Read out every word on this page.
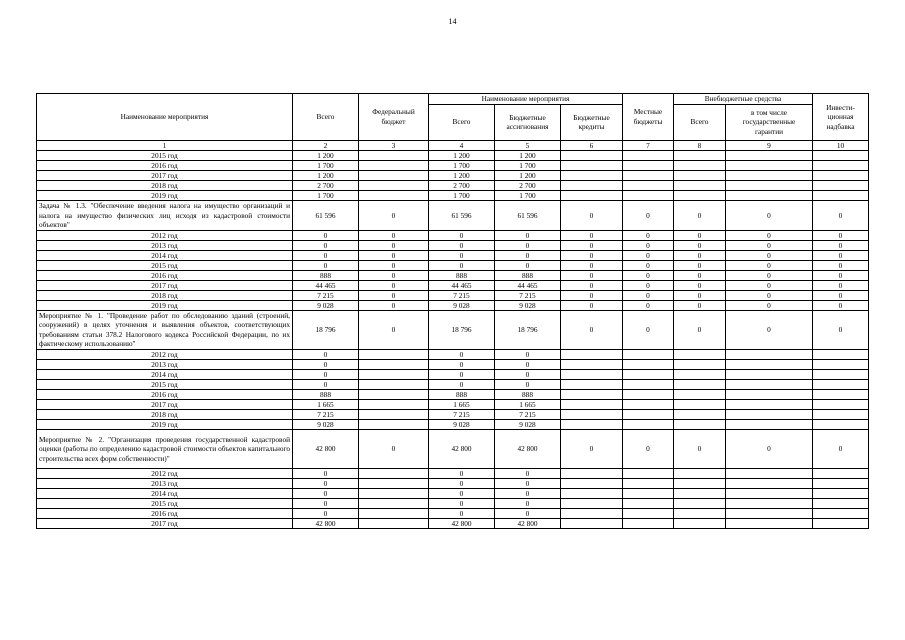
14
Наименование мероприятия	Всего	Федеральный бюджет	Наименование мероприятия			Местные бюджеты	Внебюджетные средства		Инвести-ционная надбавка
			Всего	Бюджетные ассигнования	Бюджетные кредиты		Всего	в том числе государственные гарантии	
1	2	3	4	5	6	7	8	9	10
2015 год	1 200		1 200	1 200					
2016 год	1 700		1 700	1 700					
2017 год	1 200		1 200	1 200					
2018 год	2 700		2 700	2 700					
2019 год	1 700		1 700	1 700					
Задача № 1.3. "Обеспечение введения налога на имущество организаций и налога на имущество физических лиц исходя из кадастровой стоимости объектов"	61 596	0	61 596	61 596	0	0	0	0	0
2012 год	0	0	0	0	0	0	0	0	0
2013 год	0	0	0	0	0	0	0	0	0
2014 год	0	0	0	0	0	0	0	0	0
2015 год	0	0	0	0	0	0	0	0	0
2016 год	888	0	888	888	0	0	0	0	0
2017 год	44 465	0	44 465	44 465	0	0	0	0	0
2018 год	7 215	0	7 215	7 215	0	0	0	0	0
2019 год	9 028	0	9 028	9 028	0	0	0	0	0
Мероприятие № 1. "Проведение работ по обследованию зданий (строений, сооружений) в целях уточнения и выявления объектов, соответствующих требованиям статьи 378.2 Налогового кодекса Российской Федерации, по их фактическому использованию"	18 796	0	18 796	18 796	0	0	0	0	0
2012 год	0		0	0					
2013 год	0		0	0					
2014 год	0		0	0					
2015 год	0		0	0					
2016 год	888		888	888					
2017 год	1 665		1 665	1 665					
2018 год	7 215		7 215	7 215					
2019 год	9 028		9 028	9 028					
Мероприятие № 2. "Организация проведения государственной кадастровой оценки (работы по определению кадастровой стоимости объектов капитального строительства всех форм собственности)"	42 800	0	42 800	42 800	0	0	0	0	0
2012 год	0		0	0					
2013 год	0		0	0					
2014 год	0		0	0					
2015 год	0		0	0					
2016 год	0		0	0					
2017 год	42 800		42 800	42 800					
